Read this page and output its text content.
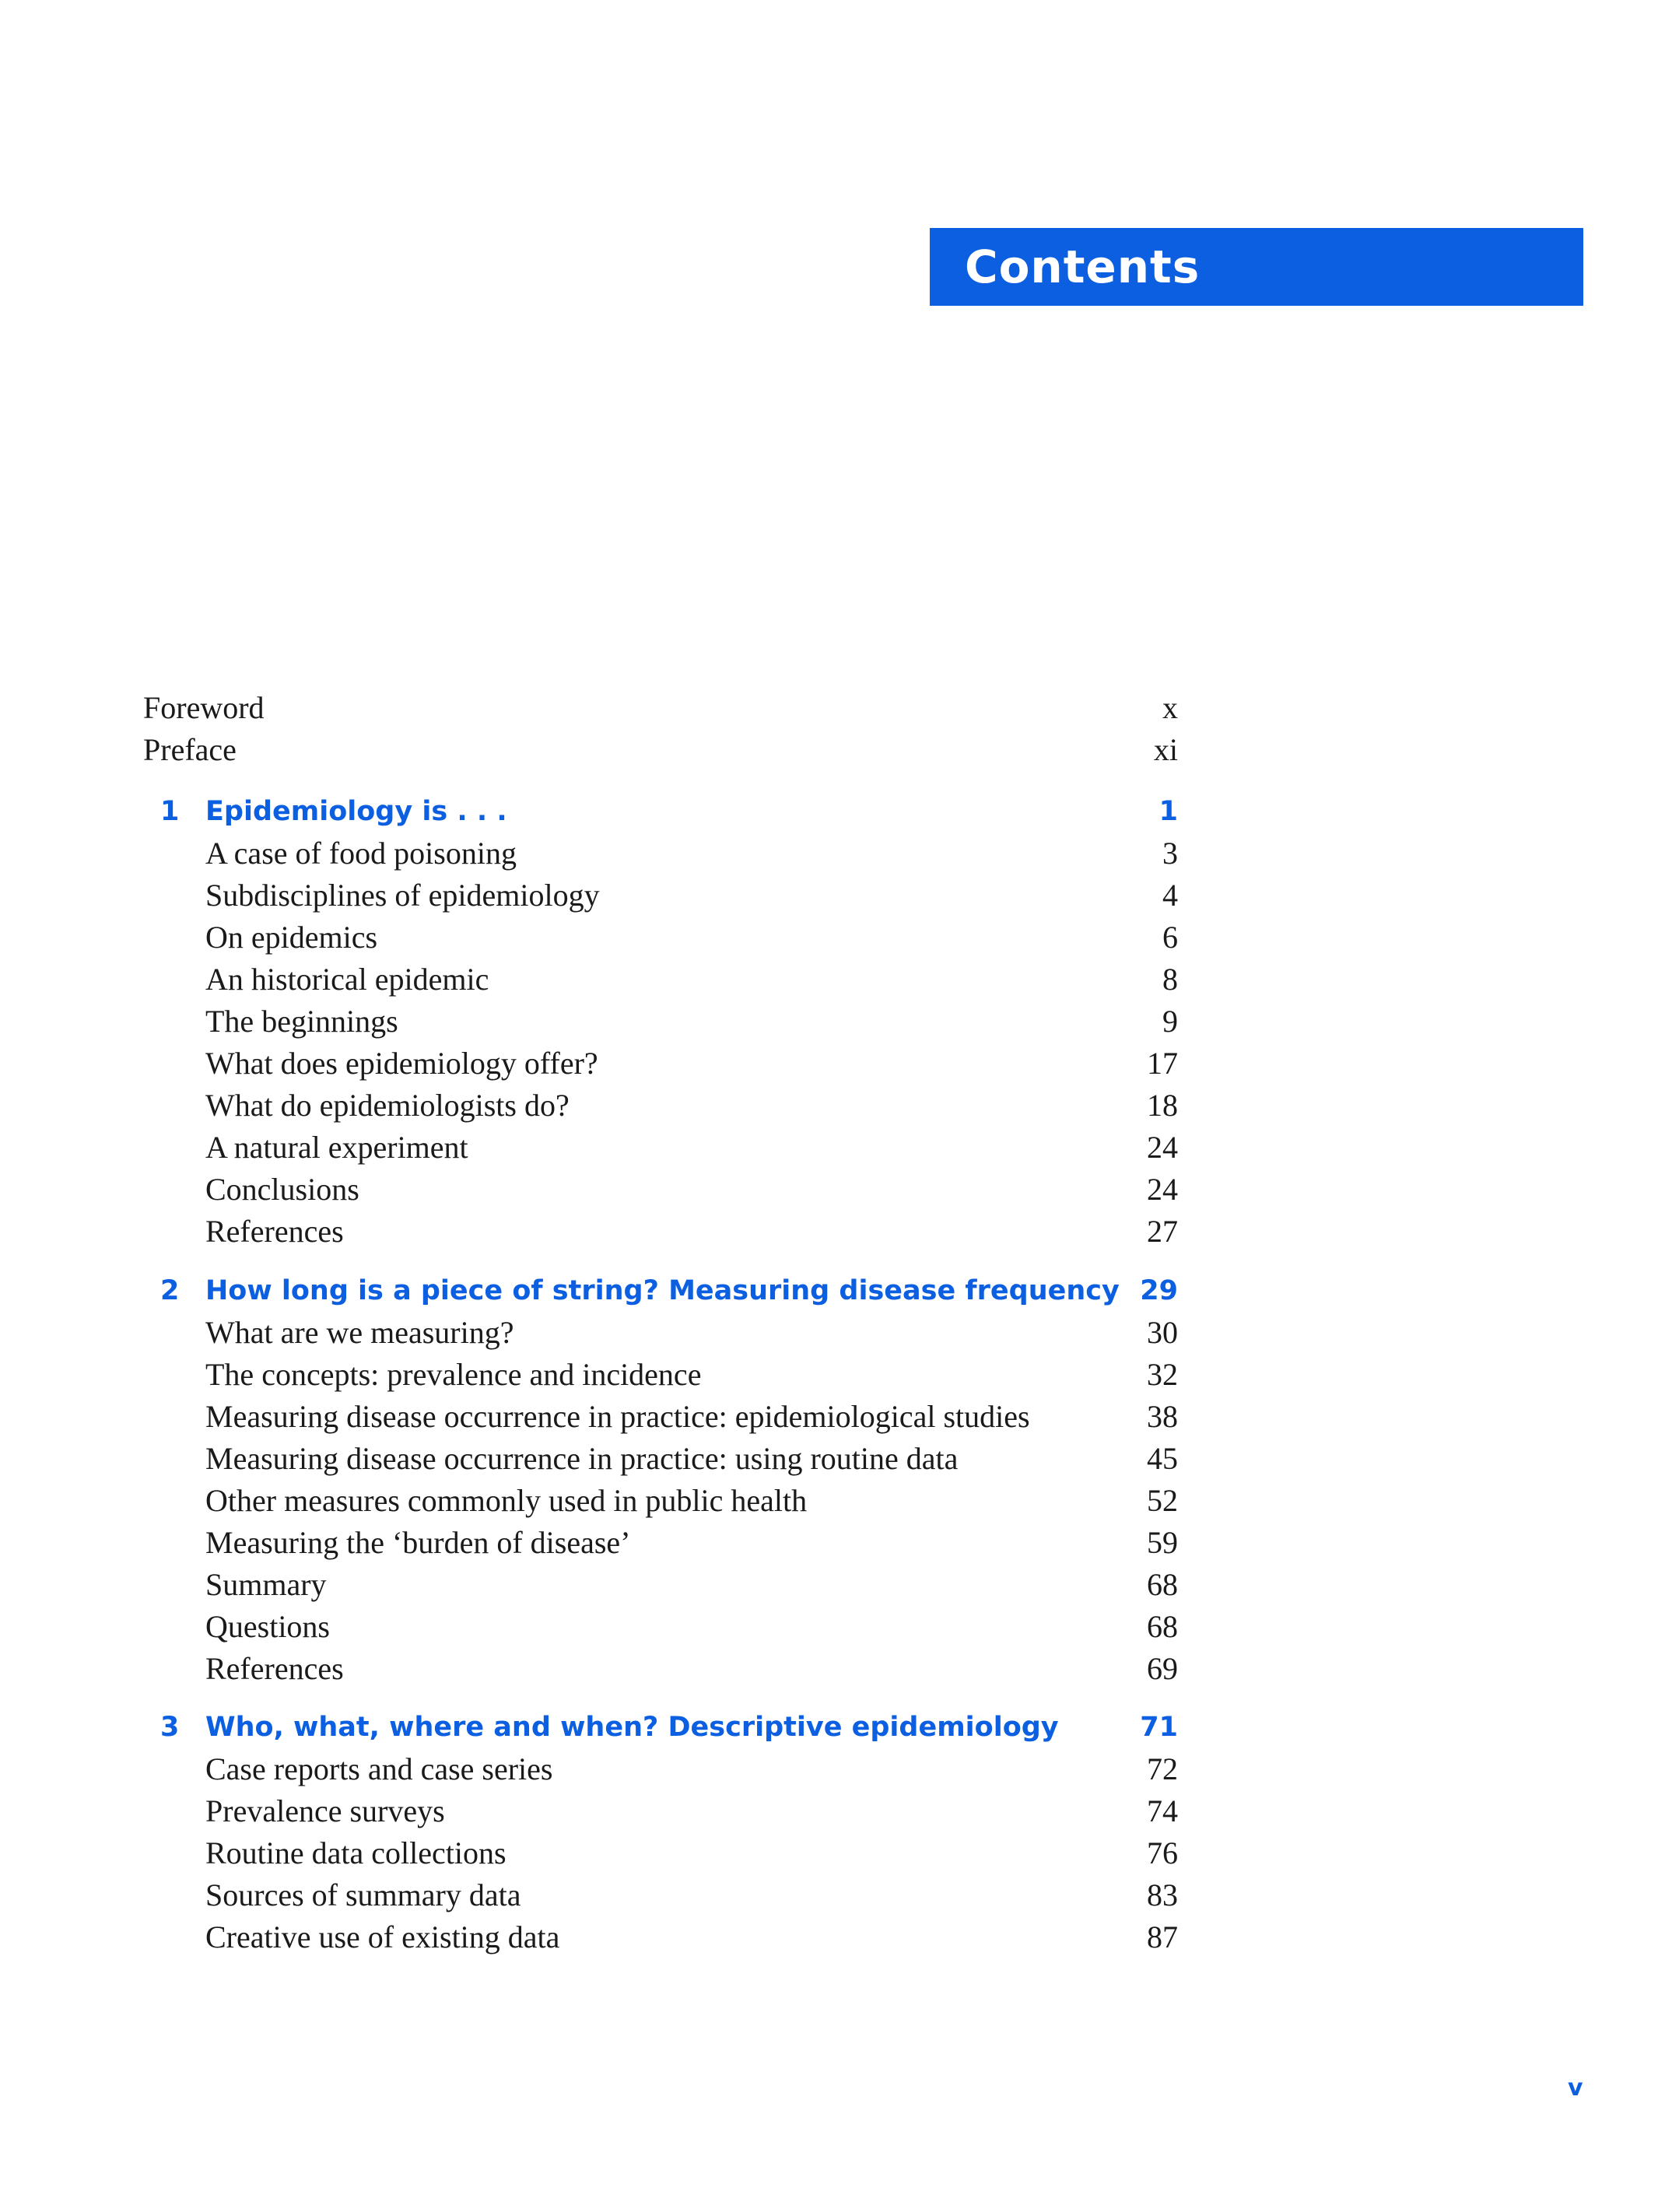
Contents
Foreword	x
Preface	xi
1 Epidemiology is . . .	1
A case of food poisoning	3
Subdisciplines of epidemiology	4
On epidemics	6
An historical epidemic	8
The beginnings	9
What does epidemiology offer?	17
What do epidemiologists do?	18
A natural experiment	24
Conclusions	24
References	27
2 How long is a piece of string? Measuring disease frequency 29
What are we measuring?	30
The concepts: prevalence and incidence	32
Measuring disease occurrence in practice: epidemiological studies	38
Measuring disease occurrence in practice: using routine data	45
Other measures commonly used in public health	52
Measuring the ‘burden of disease’	59
Summary	68
Questions	68
References	69
3 Who, what, where and when? Descriptive epidemiology	71
Case reports and case series	72
Prevalence surveys	74
Routine data collections	76
Sources of summary data	83
Creative use of existing data	87
v
